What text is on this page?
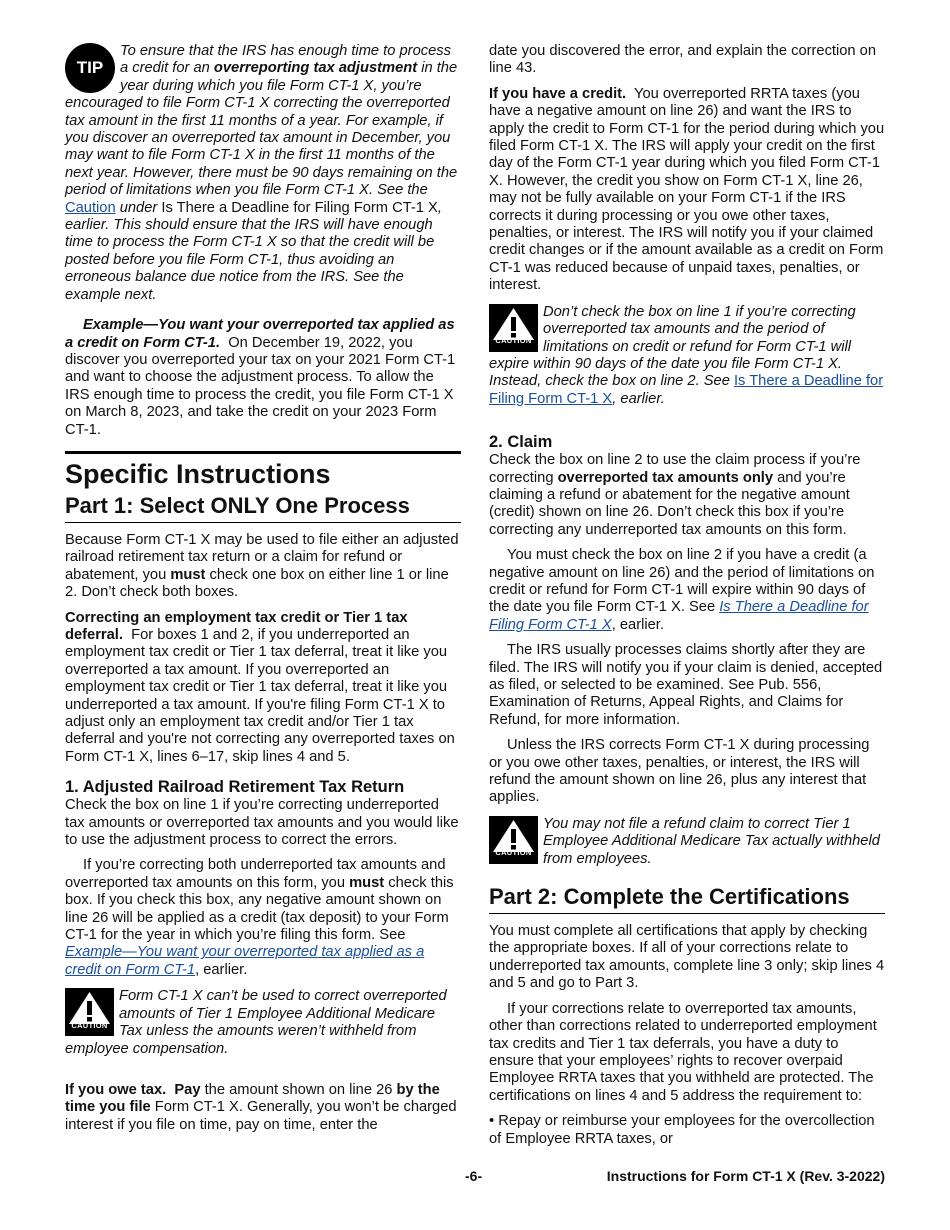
TIP

To ensure that the IRS has enough time to process a credit for an overreporting tax adjustment in the year during which you file Form CT-1 X, you’re encouraged to file Form CT-1 X correcting the overreported tax amount in the first 11 months of a year. For example, if you discover an overreported tax amount in December, you may want to file Form CT-1 X in the first 11 months of the next year. However, there must be 90 days remaining on the period of limitations when you file Form CT-1 X. See the Caution under Is There a Deadline for Filing Form CT-1 X, earlier. This should ensure that the IRS will have enough time to process the Form CT-1 X so that the credit will be posted before you file Form CT-1, thus avoiding an erroneous balance due notice from the IRS. See the example next.

Example—You want your overreported tax applied as a credit on Form CT-1. On December 19, 2022, you discover you overreported your tax on your 2021 Form CT-1 and want to choose the adjustment process. To allow the IRS enough time to process the credit, you file Form CT-1 X on March 8, 2023, and take the credit on your 2023 Form CT-1.

Specific Instructions
Part 1: Select ONLY One Process

Because Form CT-1 X may be used to file either an adjusted railroad retirement tax return or a claim for refund or abatement, you must check one box on either line 1 or line 2. Don’t check both boxes.

Correcting an employment tax credit or Tier 1 tax deferral. For boxes 1 and 2, if you underreported an employment tax credit or Tier 1 tax deferral, treat it like you overreported a tax amount. If you overreported an employment tax credit or Tier 1 tax deferral, treat it like you underreported a tax amount. If you're filing Form CT-1 X to adjust only an employment tax credit and/or Tier 1 tax deferral and you're not correcting any overreported taxes on Form CT-1 X, lines 6–17, skip lines 4 and 5.

1. Adjusted Railroad Retirement Tax Return

Check the box on line 1 if you’re correcting underreported tax amounts or overreported tax amounts and you would like to use the adjustment process to correct the errors.

If you’re correcting both underreported tax amounts and overreported tax amounts on this form, you must check this box. If you check this box, any negative amount shown on line 26 will be applied as a credit (tax deposit) to your Form CT-1 for the year in which you’re filing this form. See Example—You want your overreported tax applied as a credit on Form CT-1, earlier.

CAUTION

Form CT-1 X can’t be used to correct overreported amounts of Tier 1 Employee Additional Medicare Tax unless the amounts weren’t withheld from employee compensation.

If you owe tax. Pay the amount shown on line 26 by the time you file Form CT-1 X. Generally, you won’t be charged interest if you file on time, pay on time, enter the

date you discovered the error, and explain the correction on line 43.

If you have a credit. You overreported RRTA taxes (you have a negative amount on line 26) and want the IRS to apply the credit to Form CT-1 for the period during which you filed Form CT-1 X. The IRS will apply your credit on the first day of the Form CT-1 year during which you filed Form CT-1 X. However, the credit you show on Form CT-1 X, line 26, may not be fully available on your Form CT-1 if the IRS corrects it during processing or you owe other taxes, penalties, or interest. The IRS will notify you if your claimed credit changes or if the amount available as a credit on Form CT-1 was reduced because of unpaid taxes, penalties, or interest.

CAUTION

Don’t check the box on line 1 if you’re correcting overreported tax amounts and the period of limitations on credit or refund for Form CT-1 will expire within 90 days of the date you file Form CT-1 X. Instead, check the box on line 2. See Is There a Deadline for Filing Form CT-1 X, earlier.

2. Claim

Check the box on line 2 to use the claim process if you’re correcting overreported tax amounts only and you’re claiming a refund or abatement for the negative amount (credit) shown on line 26. Don’t check this box if you’re correcting any underreported tax amounts on this form.

You must check the box on line 2 if you have a credit (a negative amount on line 26) and the period of limitations on credit or refund for Form CT-1 will expire within 90 days of the date you file Form CT-1 X. See Is There a Deadline for Filing Form CT-1 X, earlier.

The IRS usually processes claims shortly after they are filed. The IRS will notify you if your claim is denied, accepted as filed, or selected to be examined. See Pub. 556, Examination of Returns, Appeal Rights, and Claims for Refund, for more information.

Unless the IRS corrects Form CT-1 X during processing or you owe other taxes, penalties, or interest, the IRS will refund the amount shown on line 26, plus any interest that applies.

CAUTION

You may not file a refund claim to correct Tier 1 Employee Additional Medicare Tax actually withheld from employees.

Part 2: Complete the Certifications

You must complete all certifications that apply by checking the appropriate boxes. If all of your corrections relate to underreported tax amounts, complete line 3 only; skip lines 4 and 5 and go to Part 3.

If your corrections relate to overreported tax amounts, other than corrections related to underreported employment tax credits and Tier 1 tax deferrals, you have a duty to ensure that your employees’ rights to recover overpaid Employee RRTA taxes that you withheld are protected. The certifications on lines 4 and 5 address the requirement to:

• Repay or reimburse your employees for the overcollection of Employee RRTA taxes, or

-6-	Instructions for Form CT-1 X (Rev. 3-2022)
